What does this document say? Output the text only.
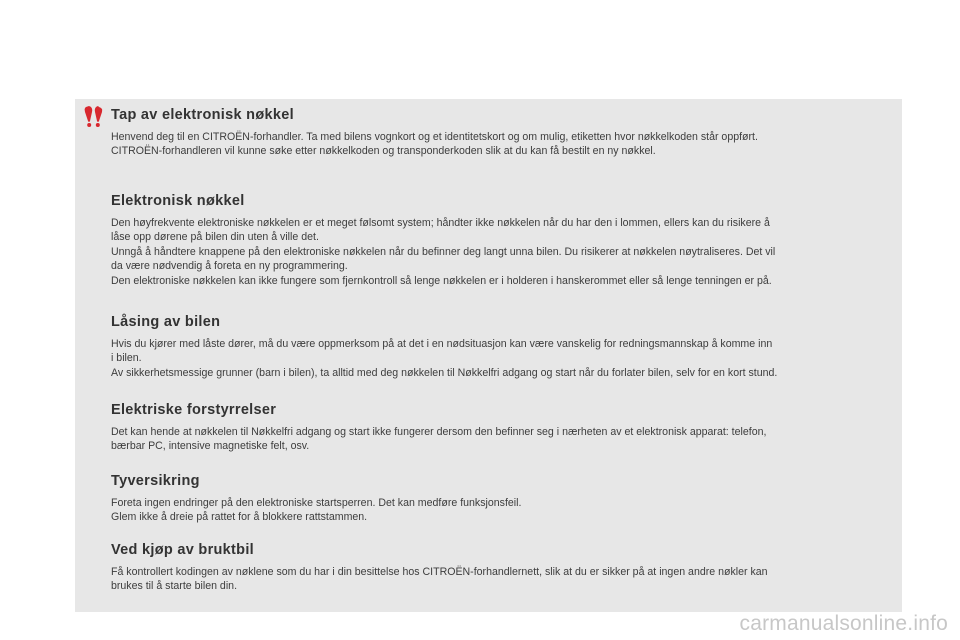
Tap av elektronisk nøkkel

Henvend deg til en CITROËN-forhandler. Ta med bilens vognkort og et identitetskort og om mulig, etiketten hvor nøkkelkoden står oppført.
CITROËN-forhandleren vil kunne søke etter nøkkelkoden og transponderkoden slik at du kan få bestilt en ny nøkkel.

Elektronisk nøkkel

Den høyfrekvente elektroniske nøkkelen er et meget følsomt system; håndter ikke nøkkelen når du har den i lommen, ellers kan du risikere å
låse opp dørene på bilen din uten å ville det.
Unngå å håndtere knappene på den elektroniske nøkkelen når du befinner deg langt unna bilen. Du risikerer at nøkkelen nøytraliseres. Det vil
da være nødvendig å foreta en ny programmering.
Den elektroniske nøkkelen kan ikke fungere som fjernkontroll så lenge nøkkelen er i holderen i hanskerommet eller så lenge tenningen er på.

Låsing av bilen

Hvis du kjører med låste dører, må du være oppmerksom på at det i en nødsituasjon kan være vanskelig for redningsmannskap å komme inn
i bilen.
Av sikkerhetsmessige grunner (barn i bilen), ta alltid med deg nøkkelen til Nøkkelfri adgang og start når du forlater bilen, selv for en kort stund.

Elektriske forstyrrelser

Det kan hende at nøkkelen til Nøkkelfri adgang og start ikke fungerer dersom den befinner seg i nærheten av et elektronisk apparat: telefon,
bærbar PC, intensive magnetiske felt, osv.

Tyversikring

Foreta ingen endringer på den elektroniske startsperren. Det kan medføre funksjonsfeil.
Glem ikke å dreie på rattet for å blokkere rattstammen.

Ved kjøp av bruktbil

Få kontrollert kodingen av nøklene som du har i din besittelse hos CITROËN-forhandlernett, slik at du er sikker på at ingen andre nøkler kan
brukes til å starte bilen din.

carmanualsonline.info
